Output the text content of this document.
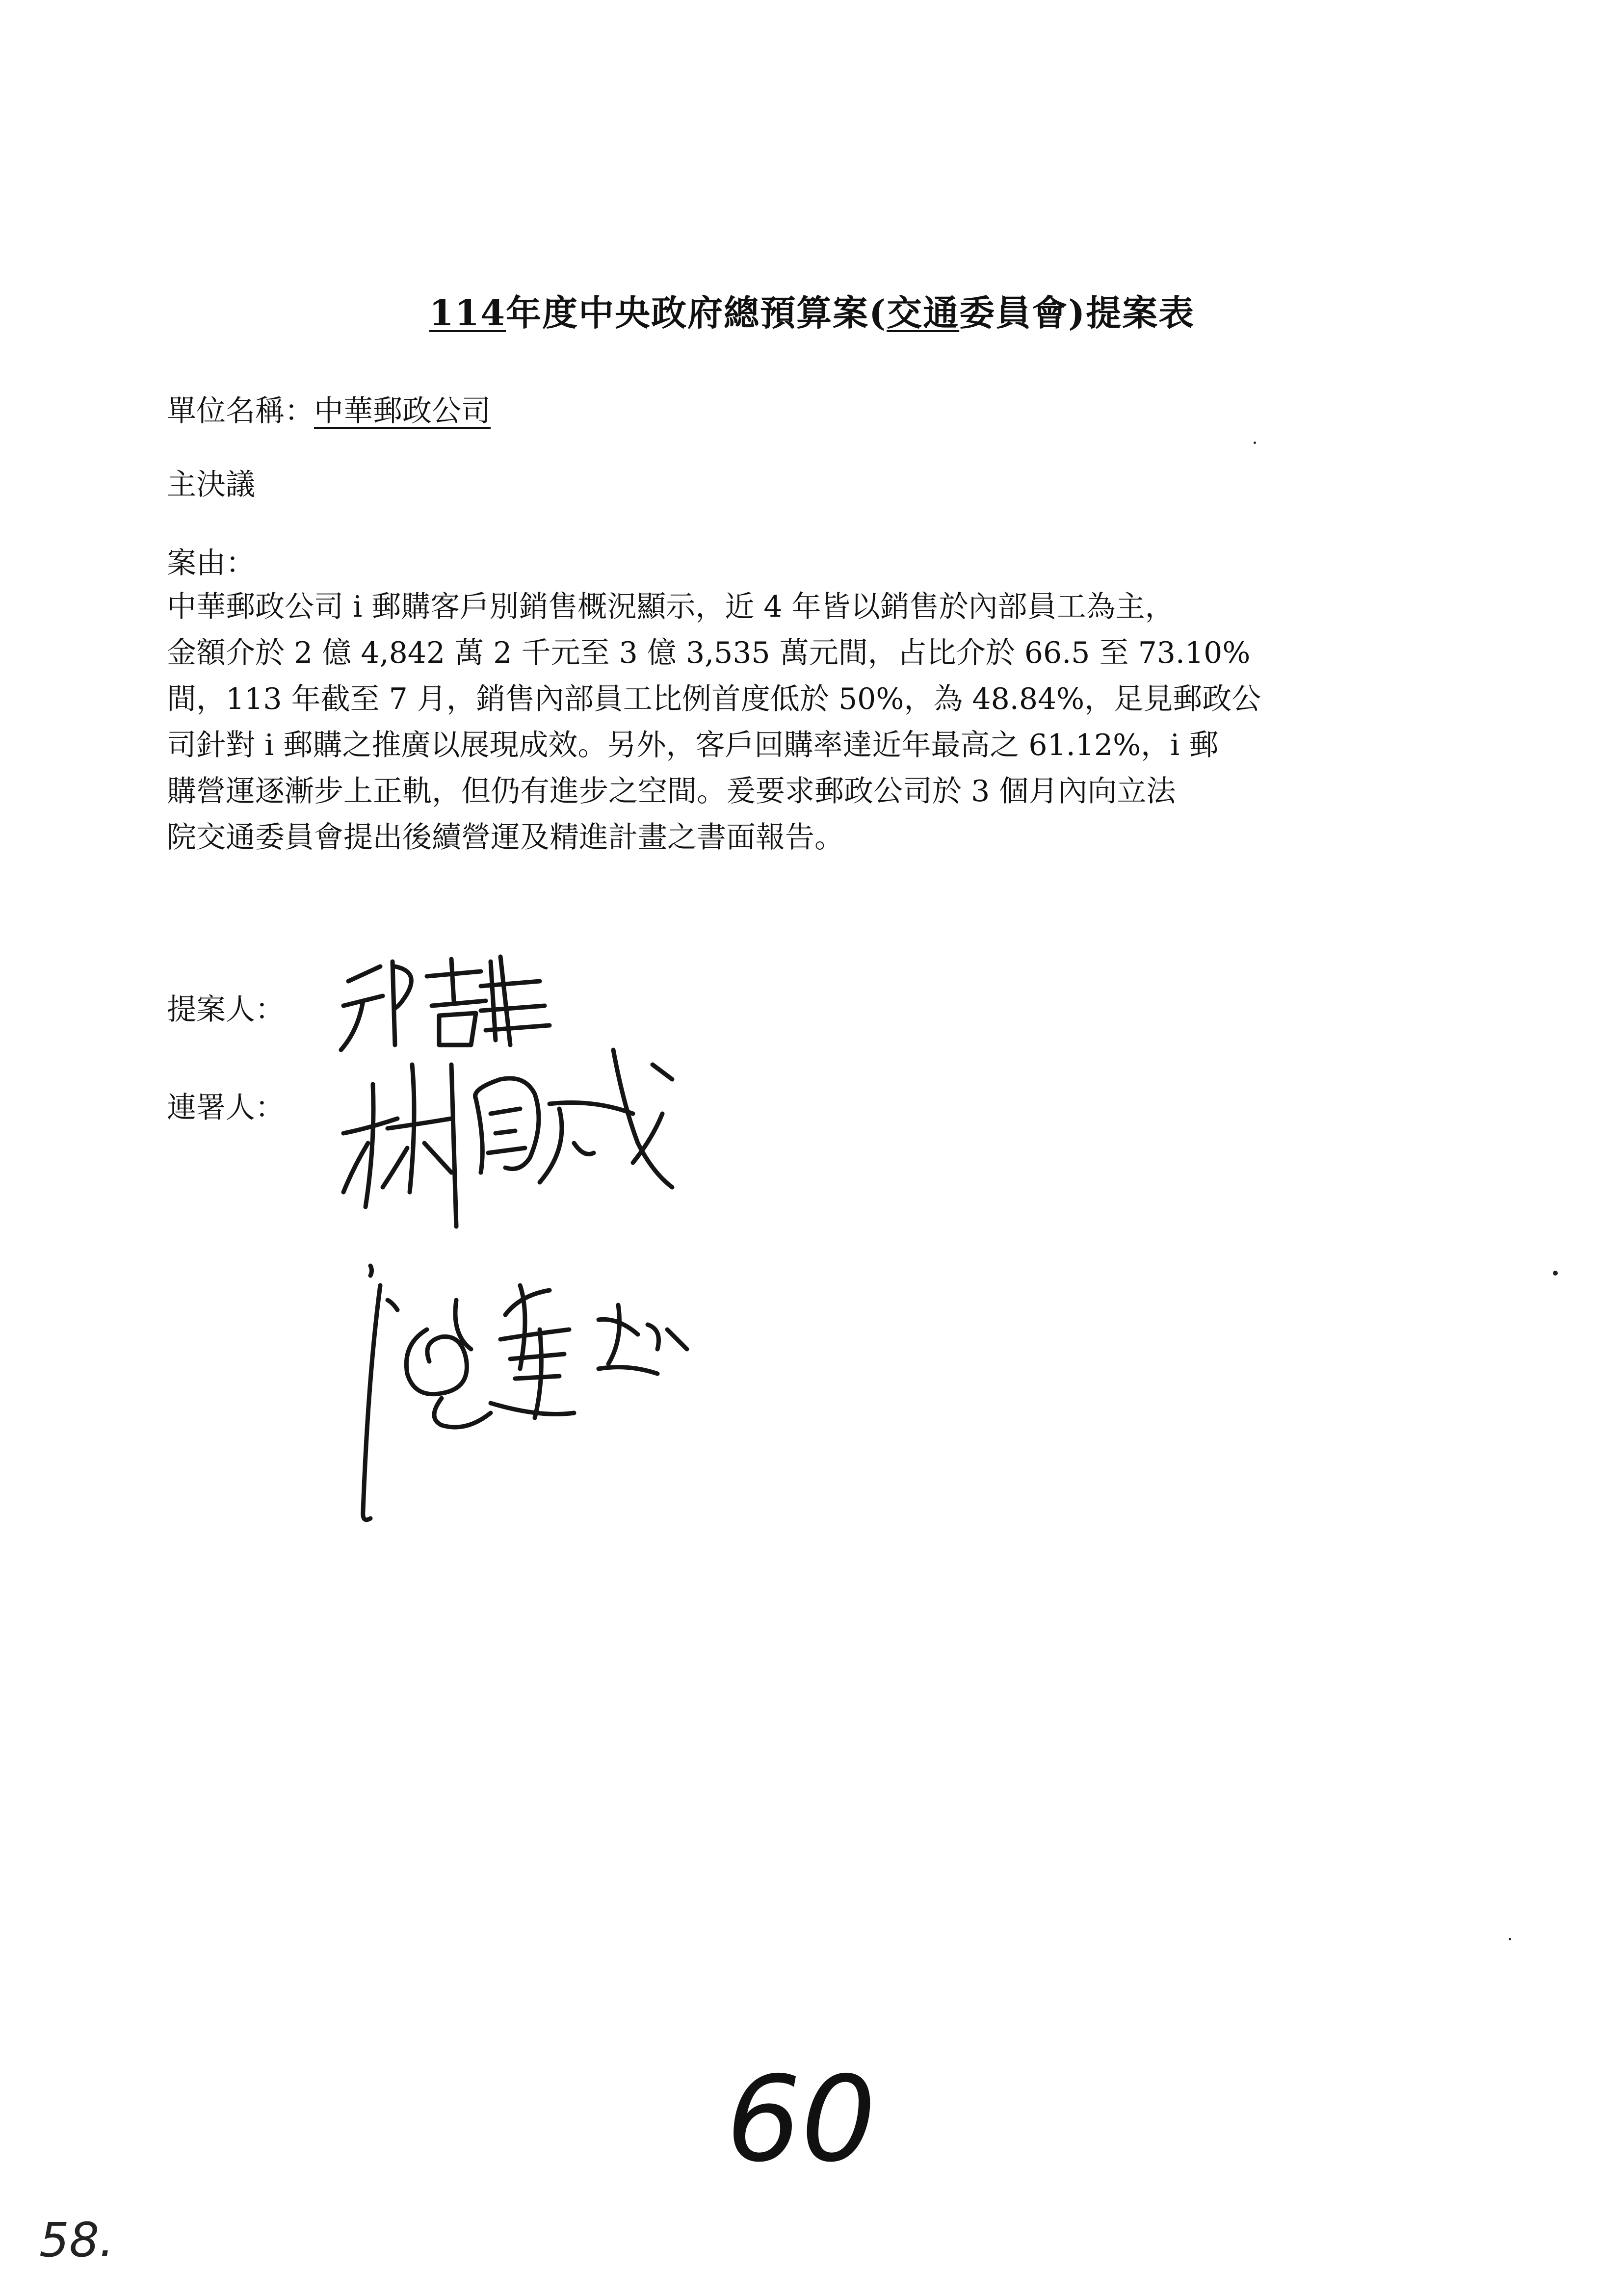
114年度中央政府總預算案(交通委員會)提案表
單位名稱：中華郵政公司
主決議
案由：

中華郵政公司 i 郵購客戶別銷售概況顯示，近 4 年皆以銷售於內部員工為主，

金額介於 2 億 4,842 萬 2 千元至 3 億 3,535 萬元間，占比介於 66.5 至 73.10%

間，113 年截至 7 月，銷售內部員工比例首度低於 50%，為 48.84%，足見郵政公

司針對 i 郵購之推廣以展現成效。另外，客戶回購率達近年最高之 61.12%，i 郵

購營運逐漸步上正軌，但仍有進步之空間。爰要求郵政公司於 3 個月內向立法

院交通委員會提出後續營運及精進計畫之書面報告。

提案人：
連署人：
60
58.
